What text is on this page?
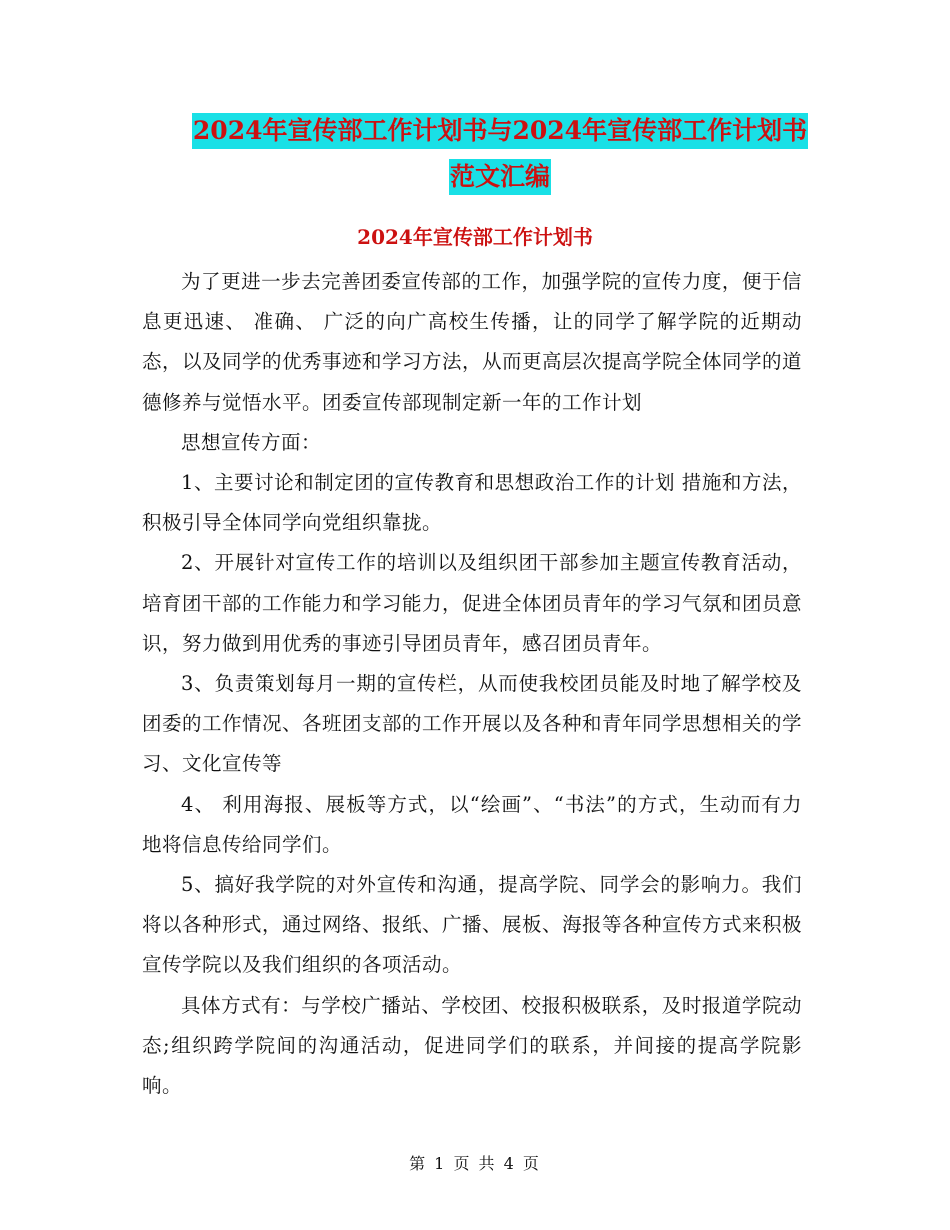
2024年宣传部工作计划书与2024年宣传部工作计划书
范文汇编
2024年宣传部工作计划书

为了更进一步去完善团委宣传部的工作，加强学院的宣传力度，便于信息更迅速、 准确、 广泛的向广高校生传播，让的同学了解学院的近期动态，以及同学的优秀事迹和学习方法，从而更高层次提高学院全体同学的道德修养与觉悟水平。团委宣传部现制定新一年的工作计划

思想宣传方面：

1、主要讨论和制定团的宣传教育和思想政治工作的计划 措施和方法，积极引导全体同学向党组织靠拢。

2、开展针对宣传工作的培训以及组织团干部参加主题宣传教育活动，培育团干部的工作能力和学习能力，促进全体团员青年的学习气氛和团员意识，努力做到用优秀的事迹引导团员青年，感召团员青年。

3、负责策划每月一期的宣传栏，从而使我校团员能及时地了解学校及团委的工作情况、各班团支部的工作开展以及各种和青年同学思想相关的学习、文化宣传等

4、 利用海报、展板等方式，以“绘画”、“书法”的方式，生动而有力地将信息传给同学们。

5、搞好我学院的对外宣传和沟通，提高学院、同学会的影响力。我们将以各种形式，通过网络、报纸、广播、展板、海报等各种宣传方式来积极宣传学院以及我们组织的各项活动。

具体方式有：与学校广播站、学校团、校报积极联系，及时报道学院动态;组织跨学院间的沟通活动，促进同学们的联系，并间接的提高学院影响。

第 1 页 共 4 页
